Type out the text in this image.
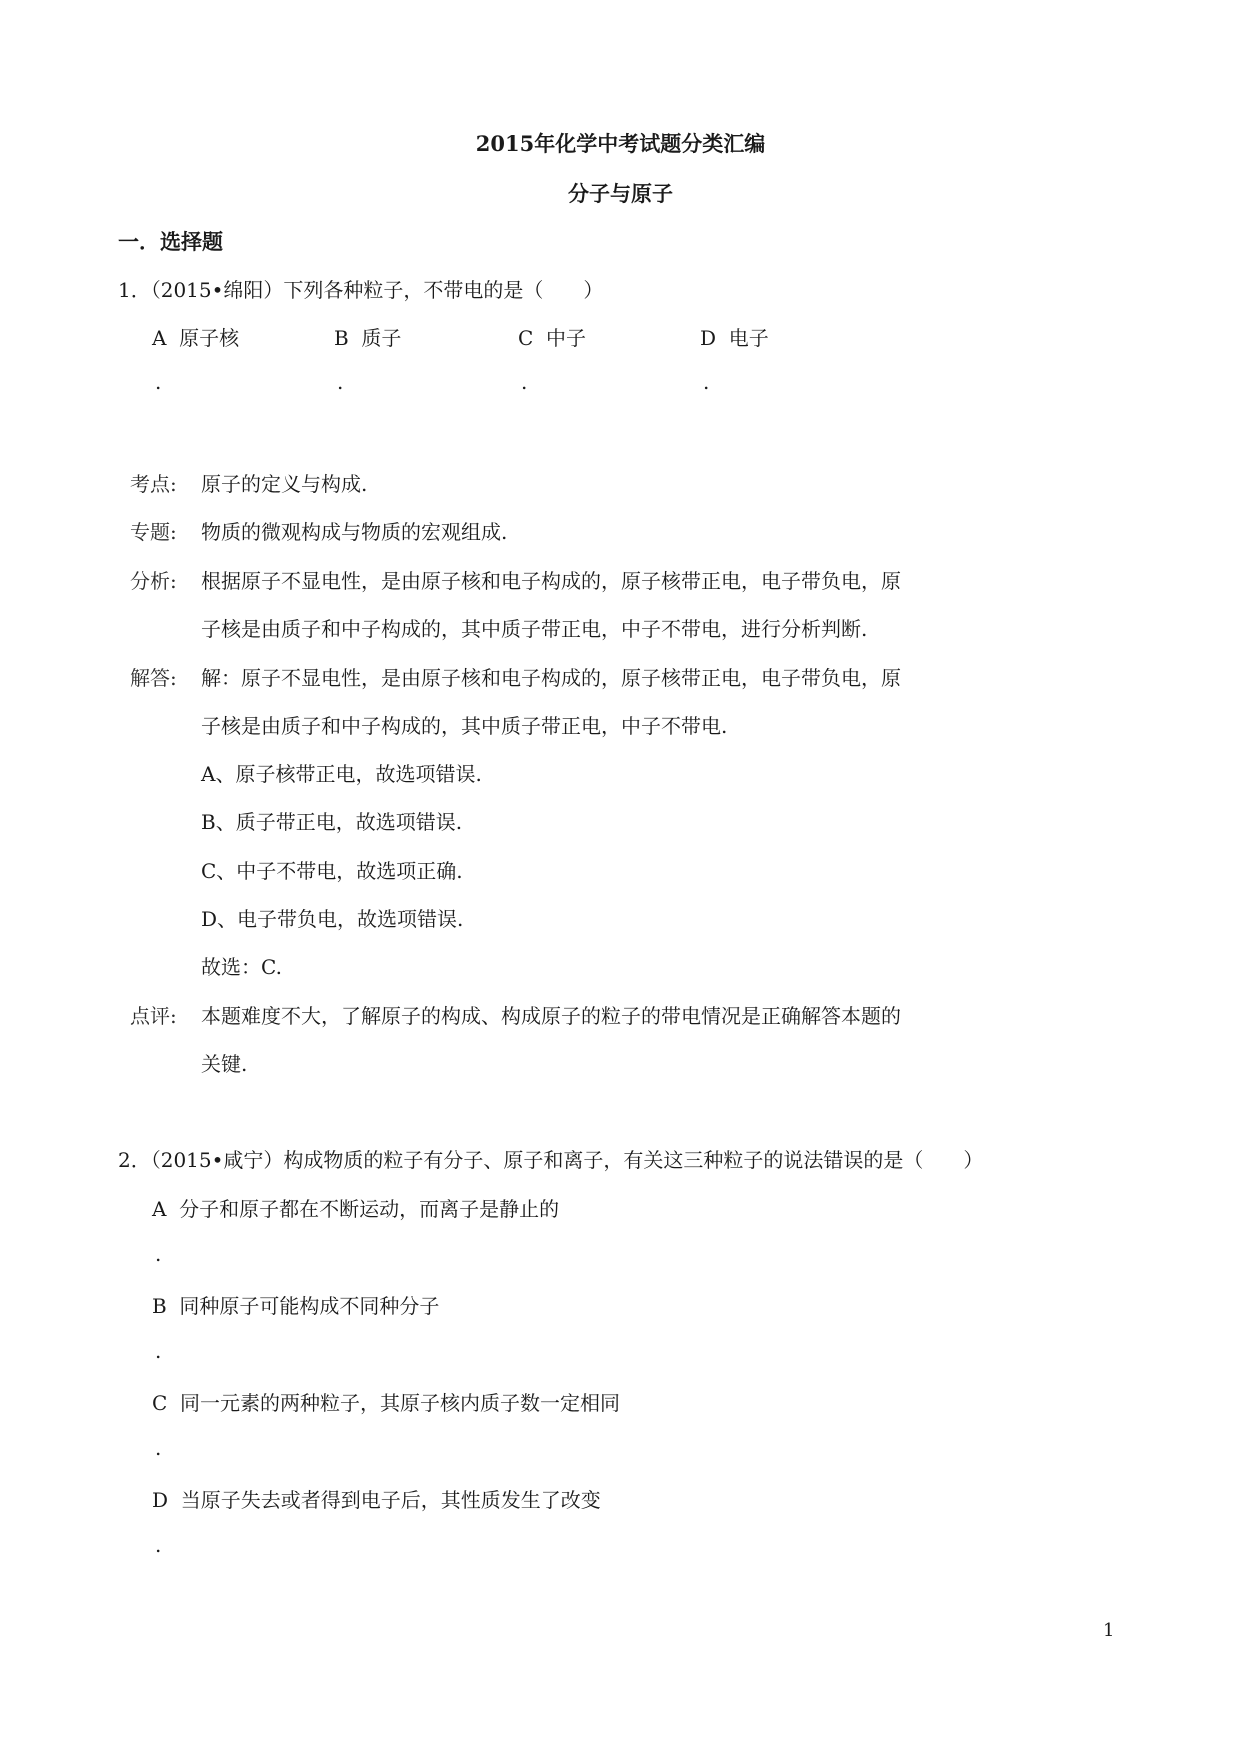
2015年化学中考试题分类汇编
分子与原子
一．选择题
1．（2015•绵阳）下列各种粒子，不带电的是（　　）
A 原子核	B 质子	C 中子	D 电子
.	.	.	.
考点: 原子的定义与构成.
专题: 物质的微观构成与物质的宏观组成.
分析: 根据原子不显电性，是由原子核和电子构成的，原子核带正电，电子带负电，原
子核是由质子和中子构成的，其中质子带正电，中子不带电，进行分析判断.
解答: 解：原子不显电性，是由原子核和电子构成的，原子核带正电，电子带负电，原
子核是由质子和中子构成的，其中质子带正电，中子不带电.
A、原子核带正电，故选项错误.
B、质子带正电，故选项错误.
C、中子不带电，故选项正确.
D、电子带负电，故选项错误.
故选：C.
点评: 本题难度不大，了解原子的构成、构成原子的粒子的带电情况是正确解答本题的
关键.
2．（2015•咸宁）构成物质的粒子有分子、原子和离子，有关这三种粒子的说法错误的是（　　）
A 分子和原子都在不断运动，而离子是静止的
.
B 同种原子可能构成不同种分子
.
C 同一元素的两种粒子，其原子核内质子数一定相同
.
D 当原子失去或者得到电子后，其性质发生了改变
.
1
